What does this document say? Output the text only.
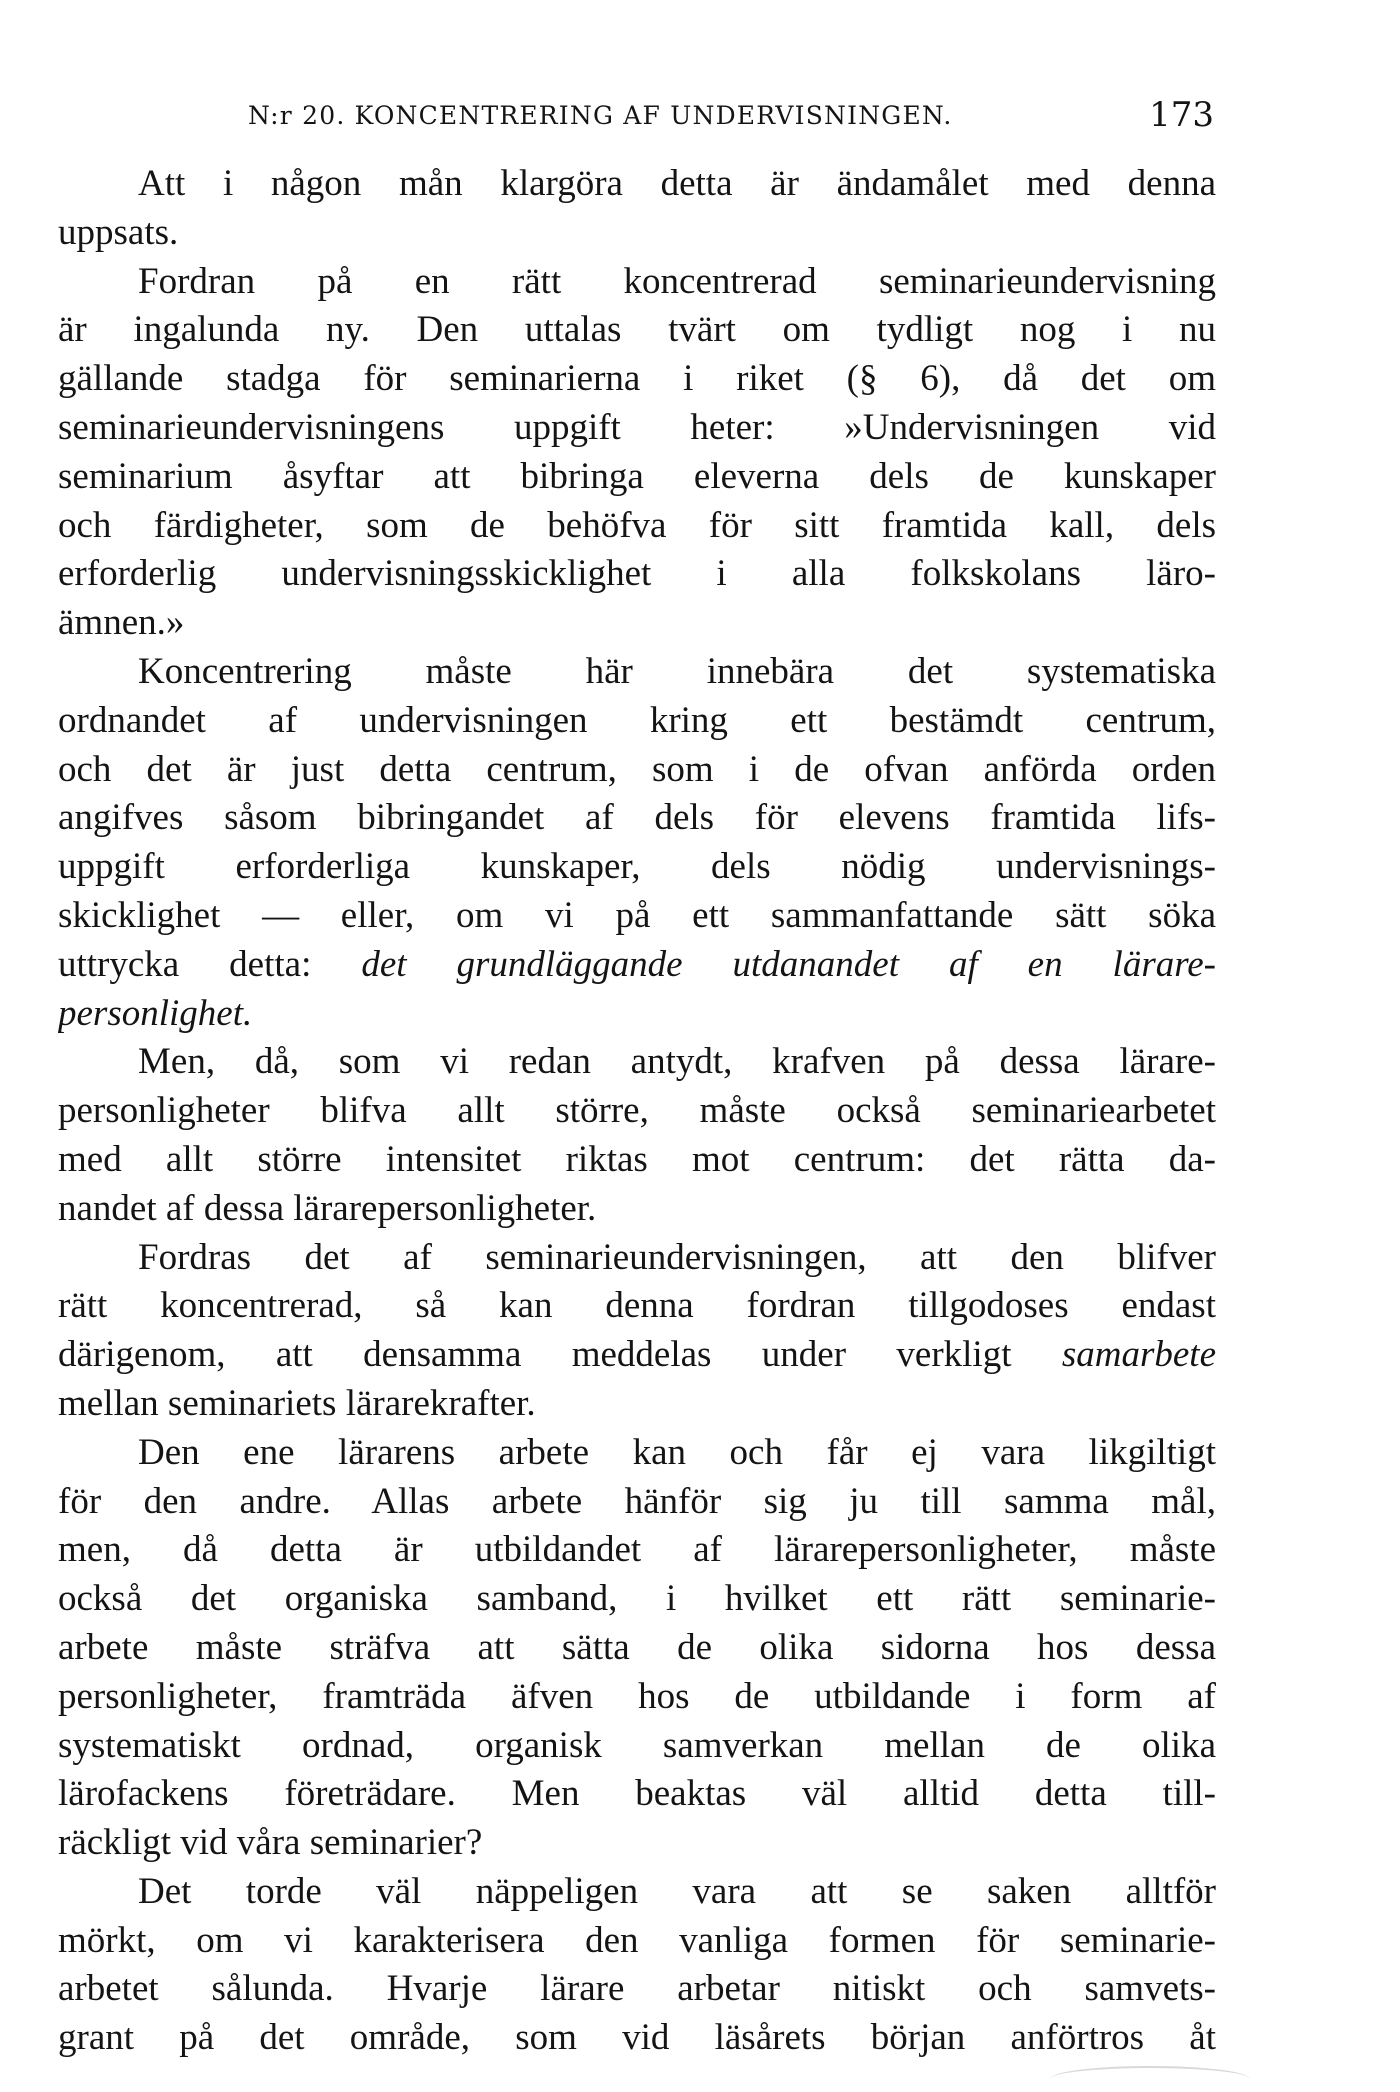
N:r 20. KONCENTRERING AF UNDERVISNINGEN.	173
Att i någon mån klargöra detta är ändamålet med denna
uppsats.
Fordran på en rätt koncentrerad seminarieundervisning
är ingalunda ny. Den uttalas tvärt om tydligt nog i nu
gällande stadga för seminarierna i riket (§ 6), då det om
seminarieundervisningens uppgift heter: »Undervisningen vid
seminarium åsyftar att bibringa eleverna dels de kunskaper
och färdigheter, som de behöfva för sitt framtida kall, dels
erforderlig undervisningsskicklighet i alla folkskolans läro-
ämnen.»
Koncentrering måste här innebära det systematiska
ordnandet af undervisningen kring ett bestämdt centrum,
och det är just detta centrum, som i de ofvan anförda orden
angifves såsom bibringandet af dels för elevens framtida lifs-
uppgift erforderliga kunskaper, dels nödig undervisnings-
skicklighet — eller, om vi på ett sammanfattande sätt söka
uttrycka detta: det grundläggande utdanandet af en lärare-
personlighet.
Men, då, som vi redan antydt, krafven på dessa lärare-
personligheter blifva allt större, måste också seminariearbetet
med allt större intensitet riktas mot centrum: det rätta da-
nandet af dessa lärarepersonligheter.
Fordras det af seminarieundervisningen, att den blifver
rätt koncentrerad, så kan denna fordran tillgodoses endast
därigenom, att densamma meddelas under verkligt samarbete
mellan seminariets lärarekrafter.
Den ene lärarens arbete kan och får ej vara likgiltigt
för den andre. Allas arbete hänför sig ju till samma mål,
men, då detta är utbildandet af lärarepersonligheter, måste
också det organiska samband, i hvilket ett rätt seminarie-
arbete måste sträfva att sätta de olika sidorna hos dessa
personligheter, framträda äfven hos de utbildande i form af
systematiskt ordnad, organisk samverkan mellan de olika
lärofackens företrädare. Men beaktas väl alltid detta till-
räckligt vid våra seminarier?
Det torde väl näppeligen vara att se saken alltför
mörkt, om vi karakterisera den vanliga formen för seminarie-
arbetet sålunda. Hvarje lärare arbetar nitiskt och samvets-
grant på det område, som vid läsårets början anförtros åt
